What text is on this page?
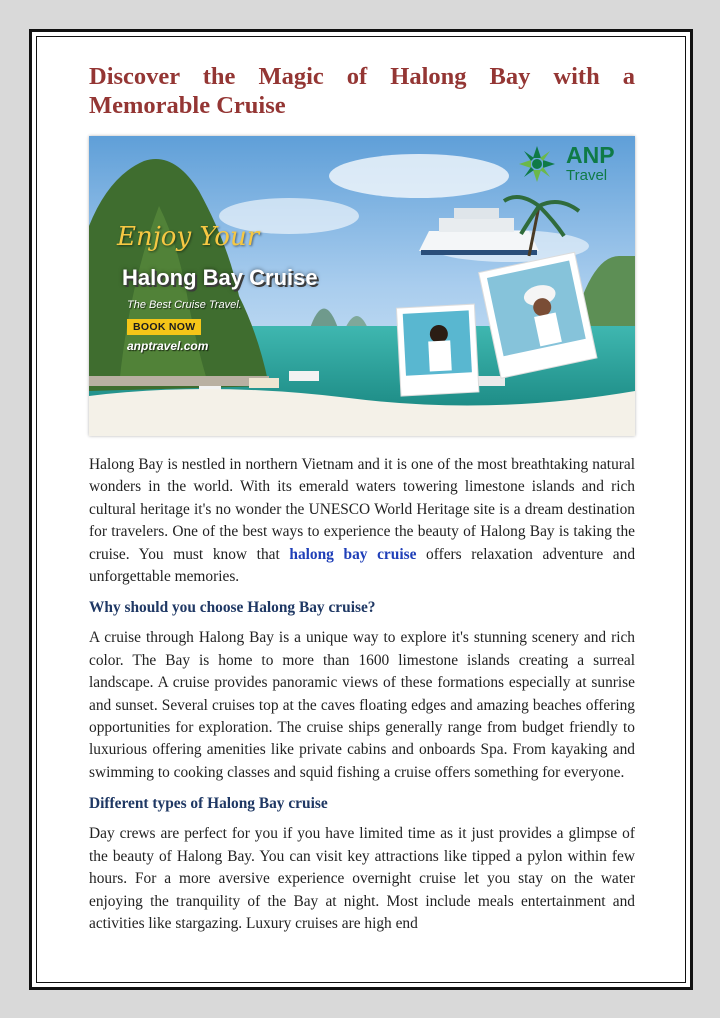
Discover the Magic of Halong Bay with a Memorable Cruise
ANP
Travel
Enjoy Your
Halong Bay Cruise
The Best Cruise Travel.
BOOK NOW
anptravel.com

Halong Bay is nestled in northern Vietnam and it is one of the most breathtaking natural wonders in the world. With its emerald waters towering limestone islands and rich cultural heritage it's no wonder the UNESCO World Heritage site is a dream destination for travelers. One of the best ways to experience the beauty of Halong Bay is taking the cruise. You must know that halong bay cruise offers relaxation adventure and unforgettable memories.

Why should you choose Halong Bay cruise?

A cruise through Halong Bay is a unique way to explore it's stunning scenery and rich color. The Bay is home to more than 1600 limestone islands creating a surreal landscape. A cruise provides panoramic views of these formations especially at sunrise and sunset. Several cruises top at the caves floating edges and amazing beaches offering opportunities for exploration. The cruise ships generally range from budget friendly to luxurious offering amenities like private cabins and onboards Spa. From kayaking and swimming to cooking classes and squid fishing a cruise offers something for everyone.

Different types of Halong Bay cruise

Day crews are perfect for you if you have limited time as it just provides a glimpse of the beauty of Halong Bay. You can visit key attractions like tipped a pylon within few hours. For a more aversive experience overnight cruise let you stay on the water enjoying the tranquility of the Bay at night. Most include meals entertainment and activities like stargazing. Luxury cruises are high end
